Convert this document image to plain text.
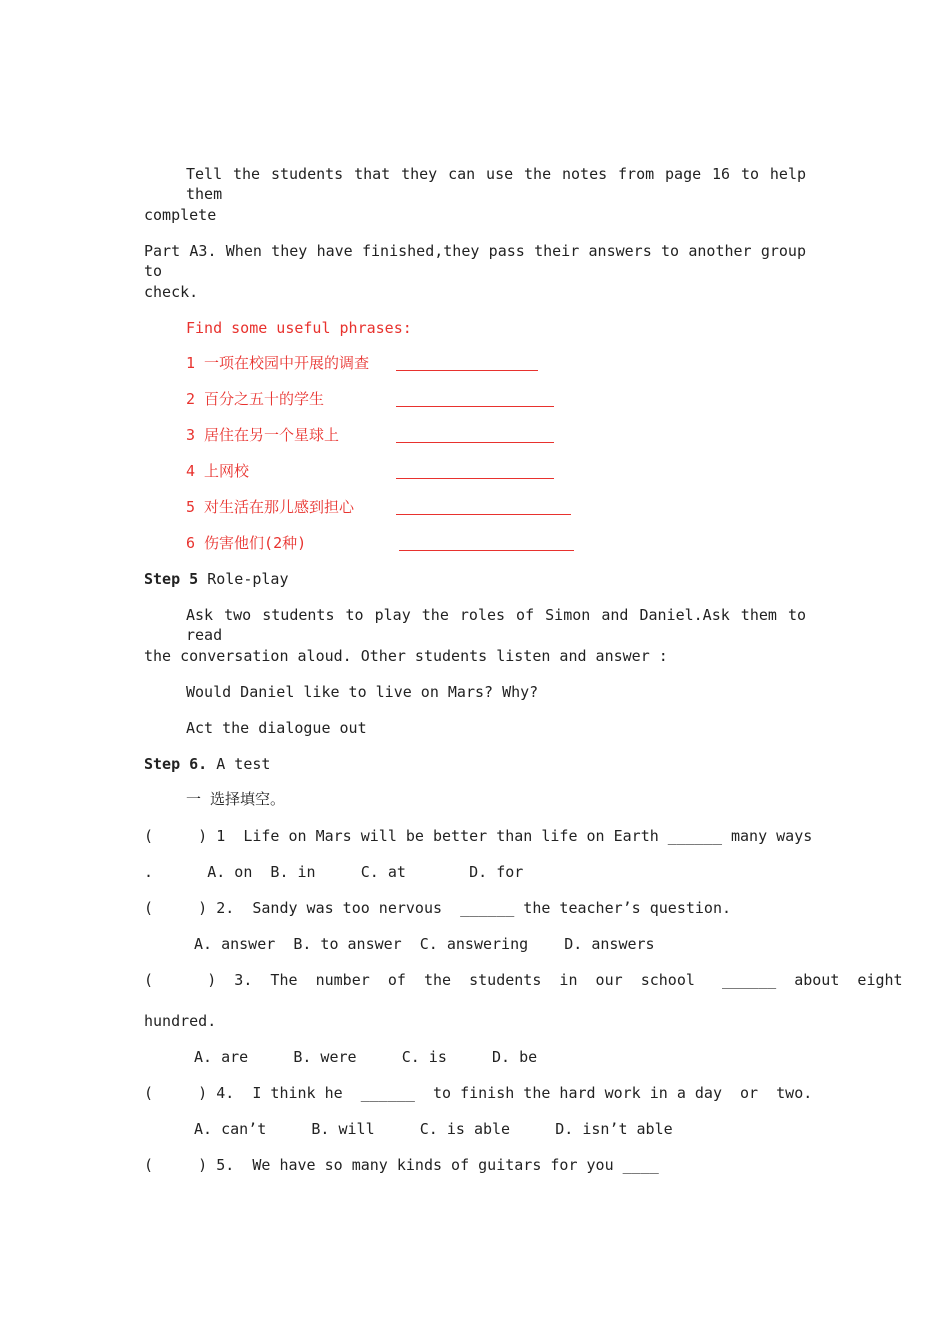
Tell the students that they can use the notes from page 16 to help them
complete
Part A3. When they have finished,they pass their answers to another group to
check.
Find some useful phrases:
1 一项在校园中开展的调查
2 百分之五十的学生
3 居住在另一个星球上
4 上网校
5 对生活在那儿感到担心
6 伤害他们(2种)
Step 5 Role-play
Ask two students to play the roles of Simon and Daniel.Ask them to read
the conversation aloud. Other students listen and answer :
Would Daniel like to live on Mars? Why?
Act the dialogue out
Step 6. A test
一 选择填空。
(     ) 1  Life on Mars will be better than life on Earth ______ many ways
.      A. on  B. in     C. at       D. for
(     ) 2.  Sandy was too nervous  ______ the teacher’s question.
A. answer  B. to answer  C. answering    D. answers
(      )  3.  The  number  of  the  students  in  our  school   ______  about  eight
hundred.
A. are     B. were     C. is     D. be
(     ) 4.  I think he  ______  to finish the hard work in a day  or  two.
A. can’t     B. will     C. is able     D. isn’t able
(     ) 5.  We have so many kinds of guitars for you ____
